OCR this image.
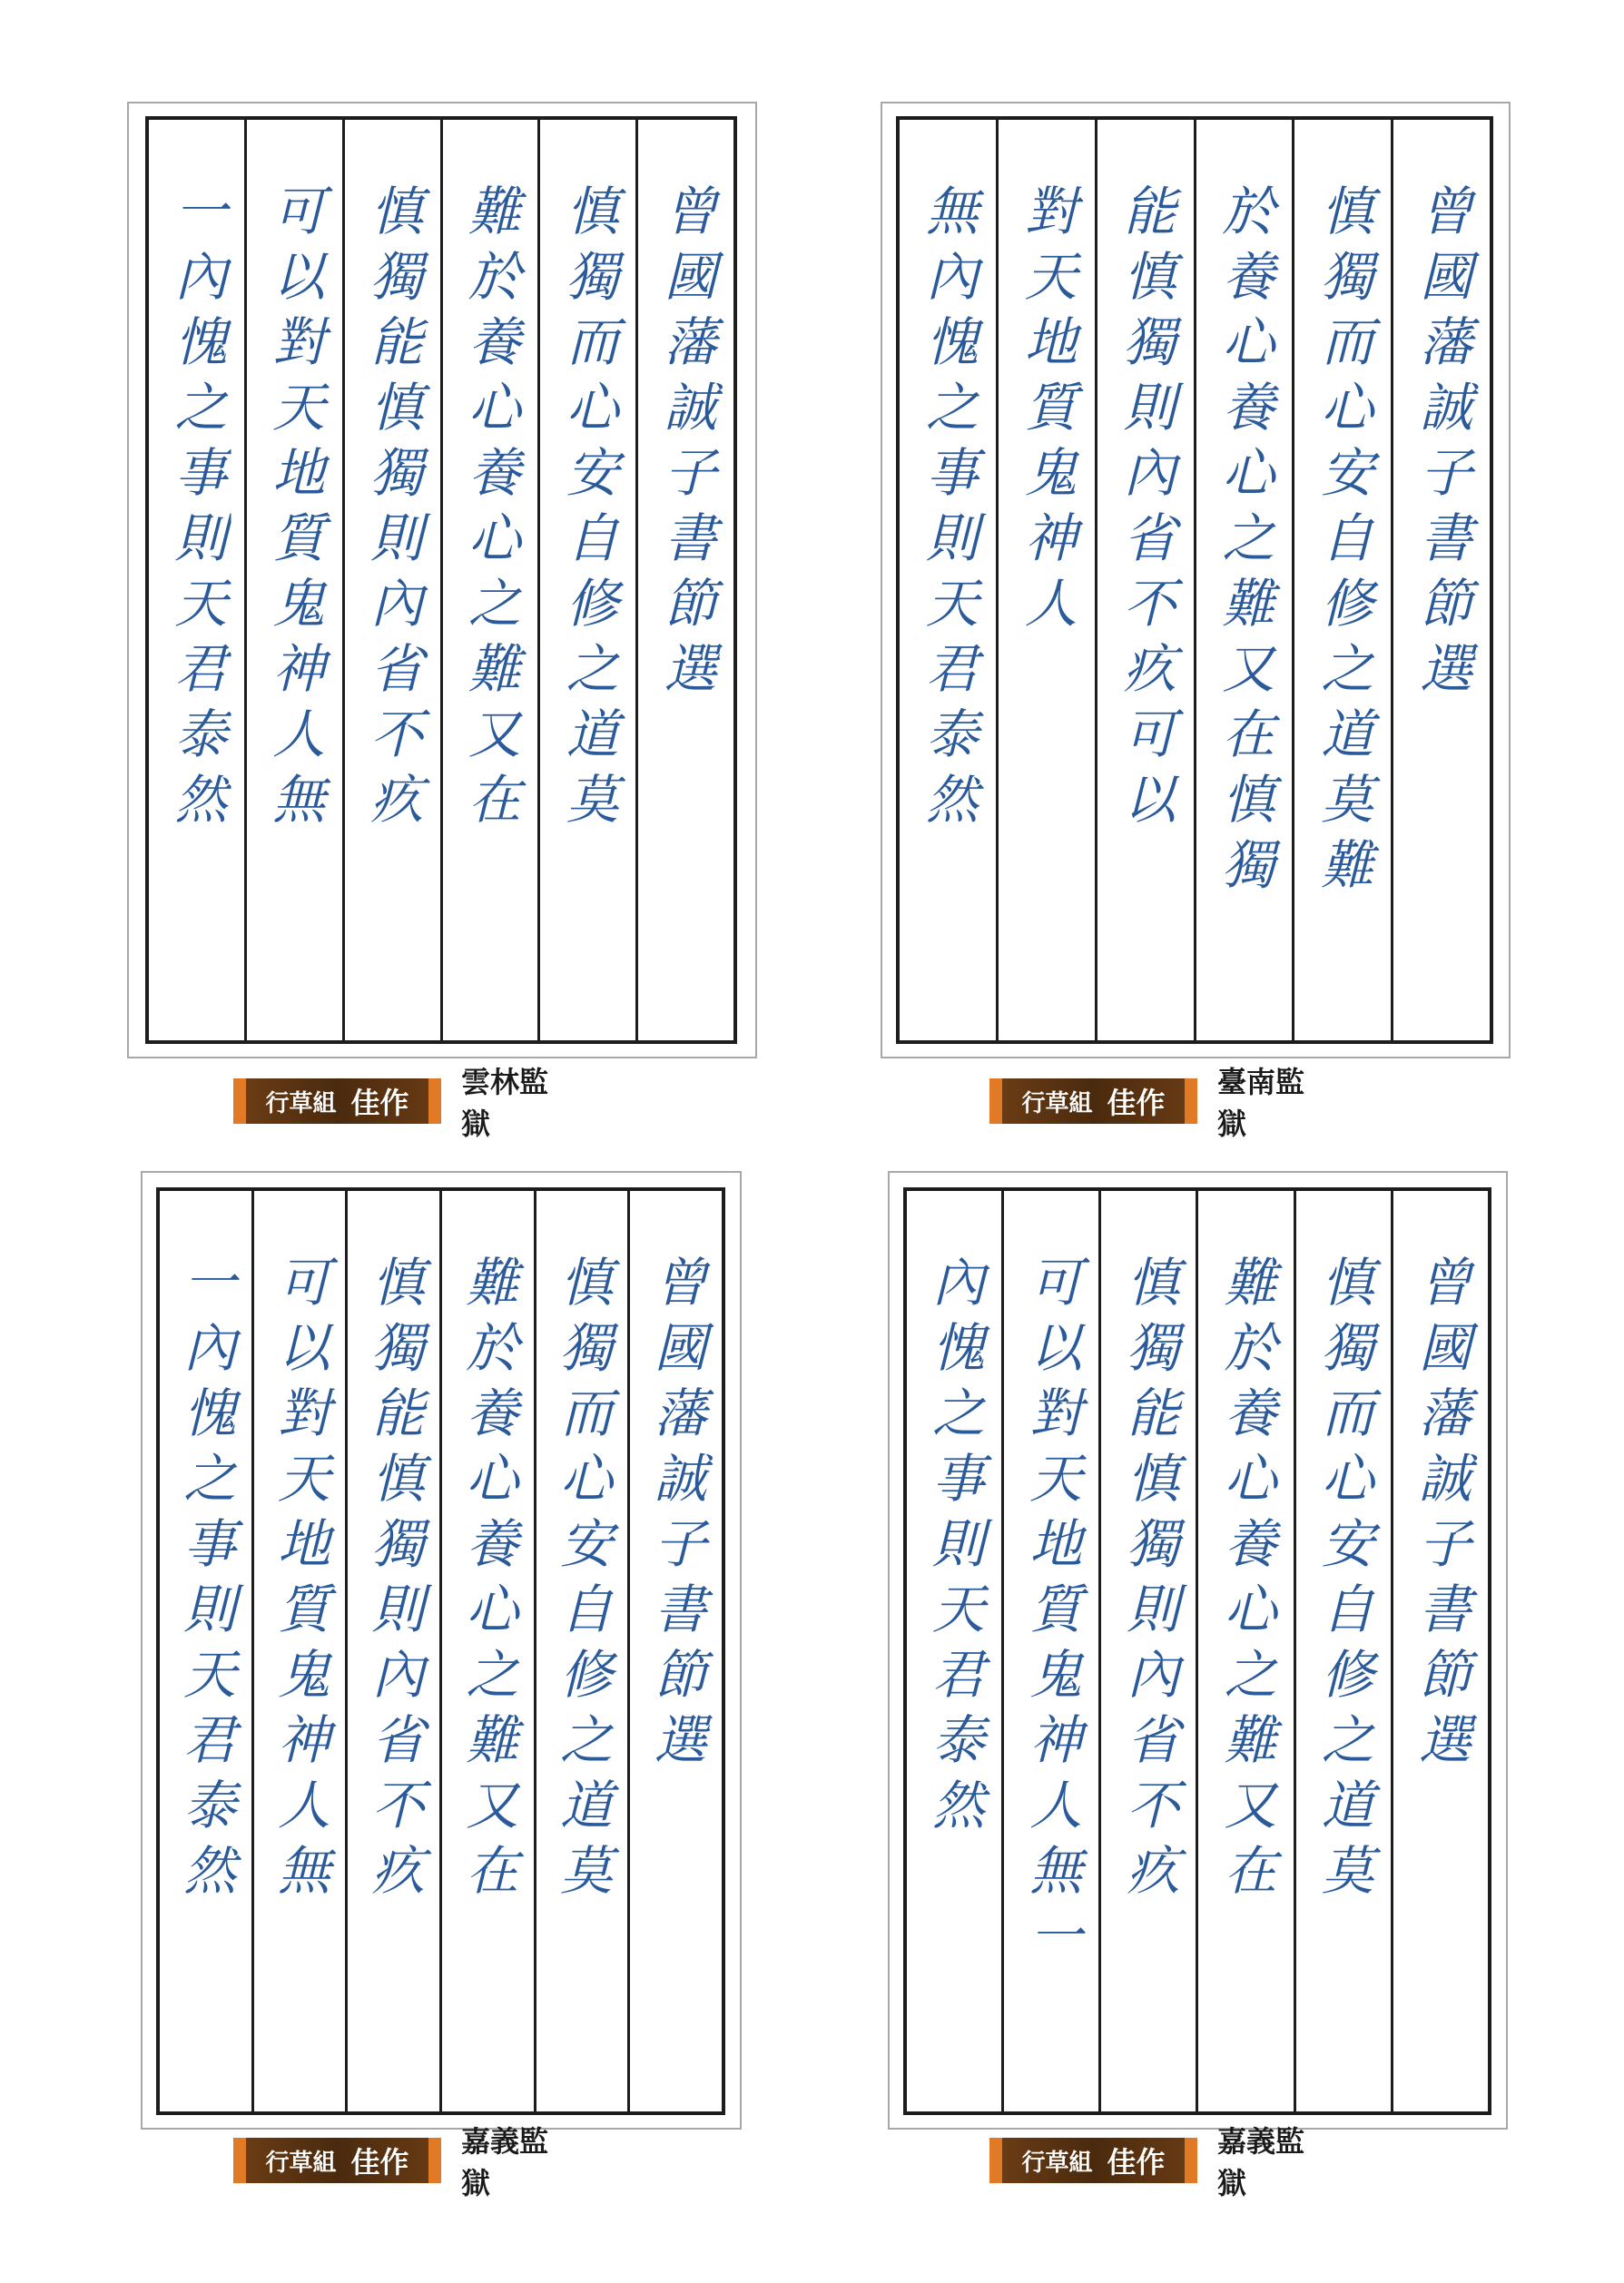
曾國藩誠子書節選
慎獨而心安自修之道莫
難於養心養心之難又在
慎獨能慎獨則內省不疚
可以對天地質鬼神人無
一內愧之事則天君泰然
行草組 佳作
雲林監獄
曾國藩誠子書節選
慎獨而心安自修之道莫難
於養心養心之難又在慎獨
能慎獨則內省不疚可以
對天地質鬼神人
無內愧之事則天君泰然
行草組 佳作
臺南監獄
曾國藩誠子書節選
慎獨而心安自修之道莫
難於養心養心之難又在
慎獨能慎獨則內省不疚
可以對天地質鬼神人無
一內愧之事則天君泰然
行草組 佳作
嘉義監獄
曾國藩誠子書節選
慎獨而心安自修之道莫
難於養心養心之難又在
慎獨能慎獨則內省不疚
可以對天地質鬼神人無一
內愧之事則天君泰然
行草組 佳作
嘉義監獄
